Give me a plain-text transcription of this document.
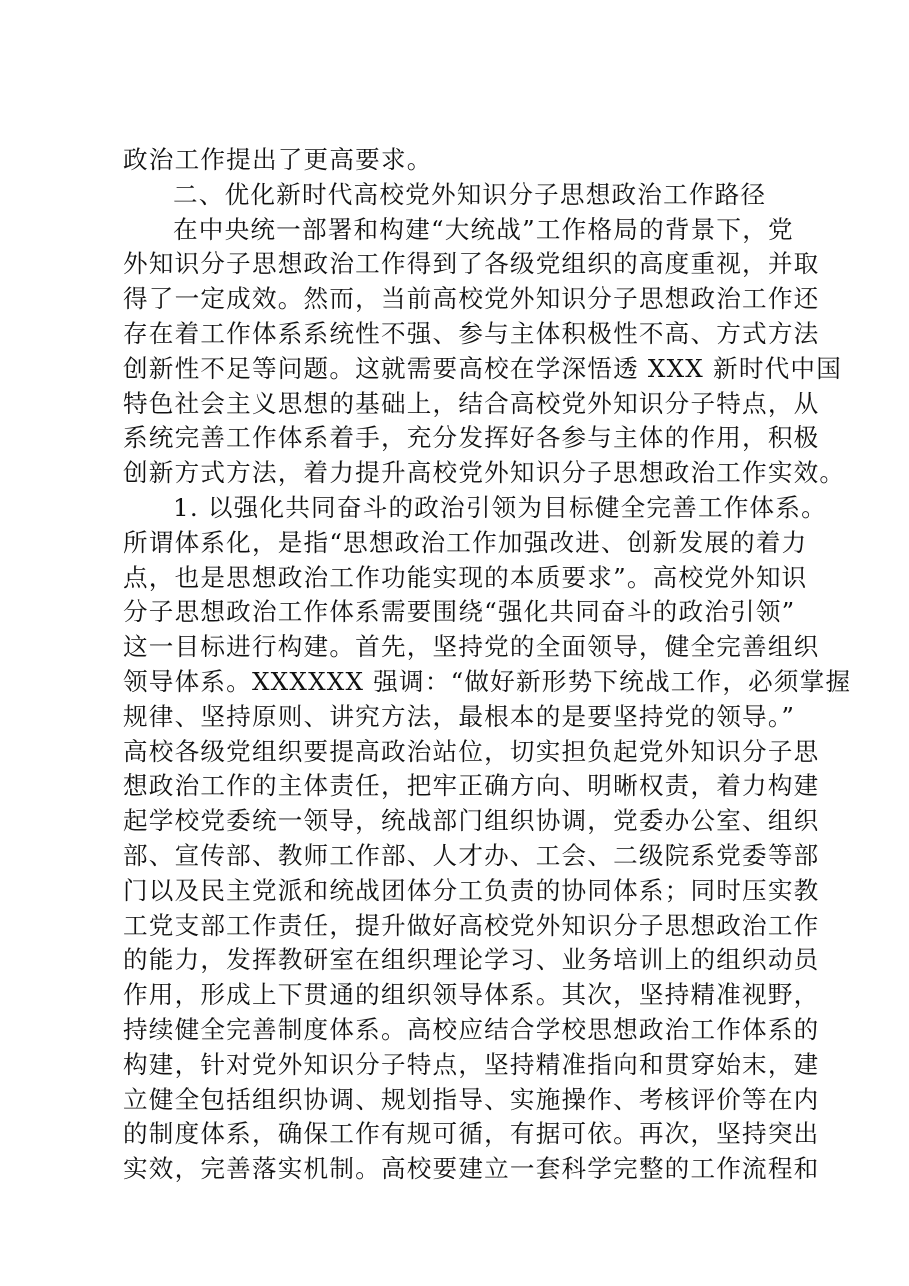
政治工作提出了更高要求。
二、优化新时代高校党外知识分子思想政治工作路径
在中央统一部署和构建“大统战”工作格局的背景下，党
外知识分子思想政治工作得到了各级党组织的高度重视，并取
得了一定成效。然而，当前高校党外知识分子思想政治工作还
存在着工作体系系统性不强、参与主体积极性不高、方式方法
创新性不足等问题。这就需要高校在学深悟透 XXX 新时代中国
特色社会主义思想的基础上，结合高校党外知识分子特点，从
系统完善工作体系着手，充分发挥好各参与主体的作用，积极
创新方式方法，着力提升高校党外知识分子思想政治工作实效。
1. 以强化共同奋斗的政治引领为目标健全完善工作体系。
所谓体系化，是指“思想政治工作加强改进、创新发展的着力
点，也是思想政治工作功能实现的本质要求”。高校党外知识
分子思想政治工作体系需要围绕“强化共同奋斗的政治引领”
这一目标进行构建。首先，坚持党的全面领导，健全完善组织
领导体系。XXXXXX 强调：“做好新形势下统战工作，必须掌握
规律、坚持原则、讲究方法，最根本的是要坚持党的领导。”
高校各级党组织要提高政治站位，切实担负起党外知识分子思
想政治工作的主体责任，把牢正确方向、明晰权责，着力构建
起学校党委统一领导，统战部门组织协调，党委办公室、组织
部、宣传部、教师工作部、人才办、工会、二级院系党委等部
门以及民主党派和统战团体分工负责的协同体系；同时压实教
工党支部工作责任，提升做好高校党外知识分子思想政治工作
的能力，发挥教研室在组织理论学习、业务培训上的组织动员
作用，形成上下贯通的组织领导体系。其次，坚持精准视野，
持续健全完善制度体系。高校应结合学校思想政治工作体系的
构建，针对党外知识分子特点，坚持精准指向和贯穿始末，建
立健全包括组织协调、规划指导、实施操作、考核评价等在内
的制度体系，确保工作有规可循，有据可依。再次，坚持突出
实效，完善落实机制。高校要建立一套科学完整的工作流程和
